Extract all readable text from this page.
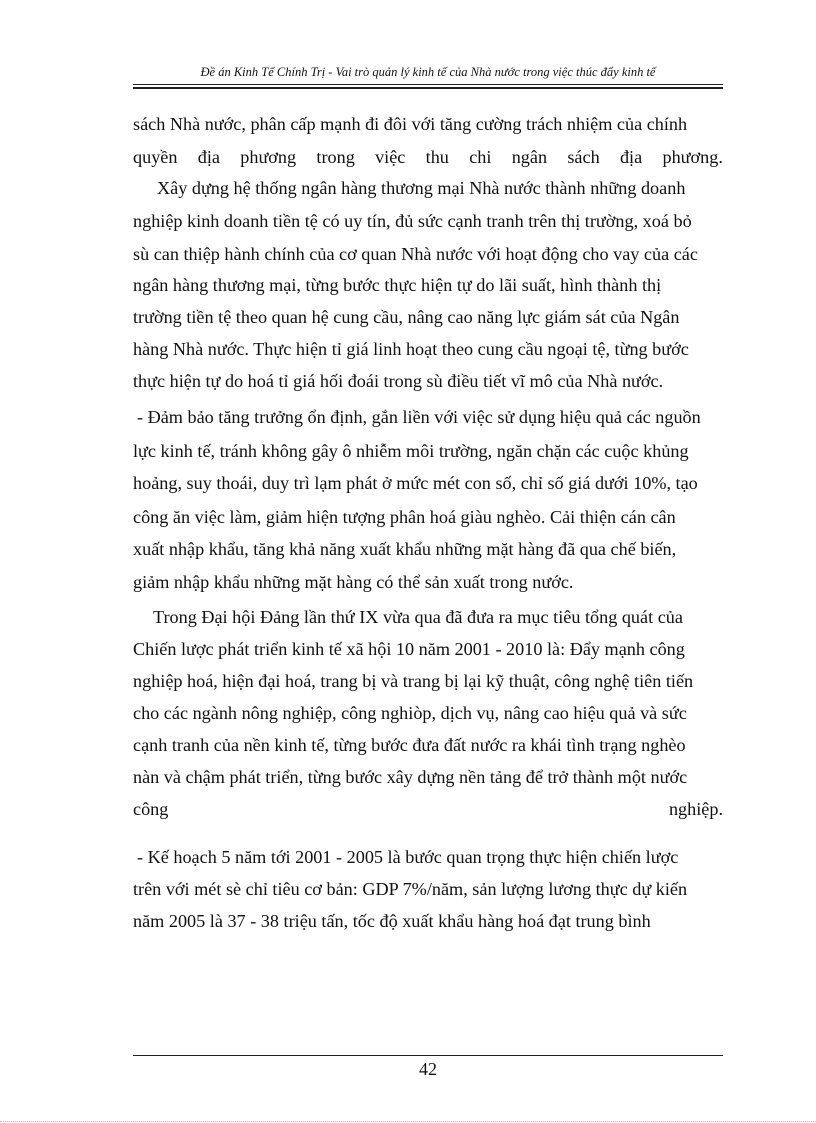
Đề án Kinh Tế Chính Trị - Vai trò quản lý kinh tế của Nhà nước trong việc thúc đẩy kinh tế
sách Nhà nước, phân cấp mạnh đi đôi với tăng cường trách nhiệm của chính
quyền địa phương trong việc thu chi ngân sách địa phương.
Xây dựng hệ thống ngân hàng thương mại Nhà nước thành những doanh
nghiệp kinh doanh tiền tệ có uy tín, đủ sức cạnh tranh trên thị trường, xoá bỏ
sù can thiệp hành chính của cơ quan Nhà nước với hoạt động cho vay của các
ngân hàng thương mại, từng bước thực hiện tự do lãi suất, hình thành thị
trường tiền tệ theo quan hệ cung cầu, nâng cao năng lực giám sát của Ngân
hàng Nhà nước. Thực hiện tỉ giá linh hoạt theo cung cầu ngoại tệ, từng bước
thực hiện tự do hoá tỉ giá hối đoái trong sù điều tiết vĩ mô của Nhà nước.
- Đảm bảo tăng trưởng ổn định, gắn liền với việc sử dụng hiệu quả các nguồn
lực kinh tế, tránh không gây ô nhiễm môi trường, ngăn chặn các cuộc khủng
hoảng, suy thoái, duy trì lạm phát ở mức mét con số, chỉ số giá dưới 10%, tạo
công ăn việc làm, giảm hiện tượng phân hoá giàu nghèo. Cải thiện cán cân
xuất nhập khẩu, tăng khả năng xuất khẩu những mặt hàng đã qua chế biến,
giảm nhập khẩu những mặt hàng có thể sản xuất trong nước.
Trong Đại hội Đảng lần thứ IX vừa qua đã đưa ra mục tiêu tổng quát của
Chiến lược phát triển kinh tế xã hội 10 năm 2001 - 2010 là: Đẩy mạnh công
nghiệp hoá, hiện đại hoá, trang bị và trang bị lại kỹ thuật, công nghệ tiên tiến
cho các ngành nông nghiệp, công nghiòp, dịch vụ, nâng cao hiệu quả và sức
cạnh tranh của nền kinh tế, từng bước đưa đất nước ra khái tình trạng nghèo
nàn và chậm phát triển, từng bước xây dựng nền tảng để trở thành một nước
công	nghiệp.
- Kế hoạch 5 năm tới 2001 - 2005 là bước quan trọng thực hiện chiến lược
trên với mét sè chỉ tiêu cơ bản: GDP 7%/năm, sản lượng lương thực dự kiến
năm 2005 là 37 - 38 triệu tấn, tốc độ xuất khẩu hàng hoá đạt trung bình
42
